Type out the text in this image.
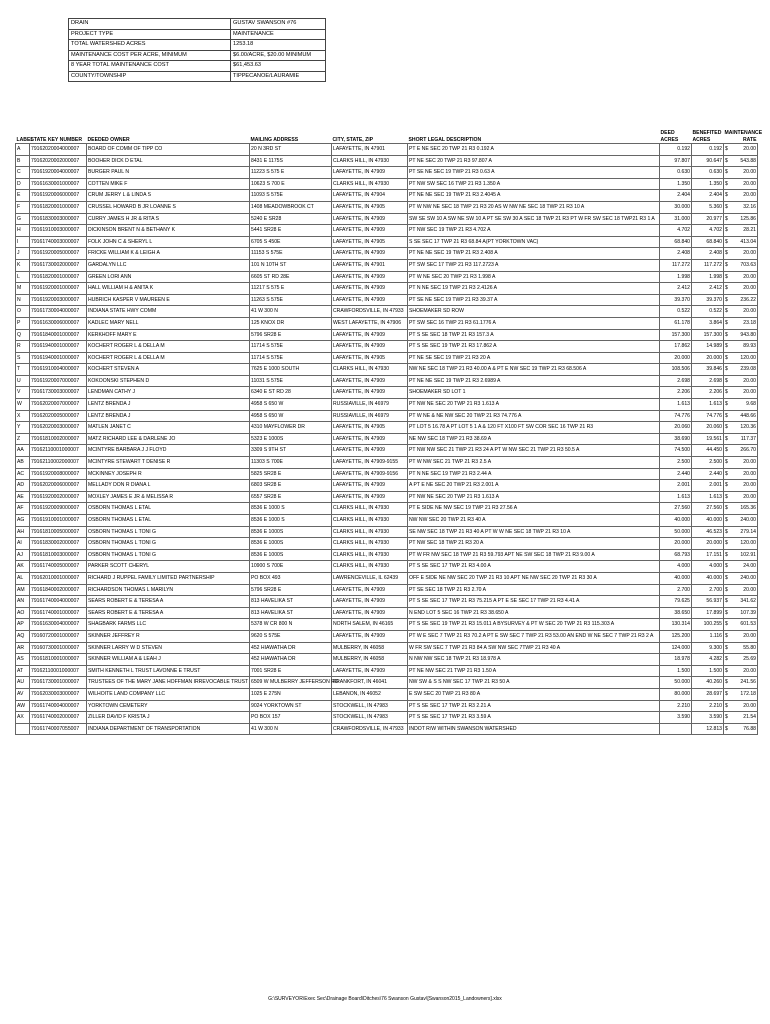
DRAIN	GUSTAV SWANSON #76
PROJECT TYPE	MAINTENANCE
TOTAL WATERSHED ACRES	1253.18
MAINTENANCE COST PER ACRE, MINIMUM	$6.00/ACRE, $20.00 MINIMUM
8 YEAR TOTAL MAINTENANCE COST	$61,453.63
COUNTY/TOWNSHIP	TIPPECANOE/LAURAMIE
LABEL	STATE KEY NUMBER	DEEDED OWNER	MAILING ADDRESS	CITY, STATE, ZIP	SHORT LEGAL DESCRIPTION	DEED ACRES	BENEFITED ACRES	MAINTENANCE RATE
A	79162020004000007	BOARD OF COMM OF TIPP CO	20 N 3RD ST	LAFAYETTE, IN 47901	PT E NE SEC 20 TWP 21 R3 0.192 A	0.192	0.192	$ 20.00

B	79162020002000007	BOOHER DICK D ETAL	8431 E 1175S	CLARKS HILL, IN 47930	PT NE SEC 20 TWP 21 R3 97.807 A	97.807	90.647	$ 543.88

C	79161920004000007	BURGER PAUL N	11223 S 575 E	LAFAYETTE, IN 47909	PT SE NE SEC 19 TWP 21 R3 0.63 A	0.630	0.630	$ 20.00

D	79161630001000007	COTTEN MIKE F	10623 S 700 E	CLARKS HILL, IN 47930	PT NW SW SEC 16 TWP 21 R3 1.350 A	1.350	1.350	$ 20.00

E	79161920006000007	CRUM JERRY L & LINDA S	11093 S 575E	LAFAYETTE, IN 47904	PT NE NE SEC 19 TWP 21 R3 2.4045 A	2.404	2.404	$ 20.00

F	79161820001000007	CRUSSEL HOWARD B JR LOANNE S	1408 MEADOWBROOK CT	LAFAYETTE, IN 47905	PT W NW NE SEC 18 TWP 21 R3 20 AS W NW NE SEC 18 TWP 21 R3 10 A	30.000	5.360	$ 32.16

G	79161830003000007	CURRY JAMES H JR & RITA S	5240 E SR28	LAFAYETTE, IN 47909	SW SE SW 10 A SW NE SW 10 A PT SE SW 30 A SEC 18 TWP 21 R3 PT W FR SW SEC 18 TWP21 R3 1 A	31.000	20.977	$ 125.86

H	79161910003000007	DICKINSON BRENT N & BETHANY K	5441 SR28 E	LAFAYETTE, IN 47909	PT NW SEC 19 TWP 21 R3 4.702 A	4.702	4.702	$ 28.21

I	79161740003000007	FOLK JOHN C & SHERYL L	6705 S 450E	LAFAYETTE, IN 47905	S SE SEC 17 TWP 21 R3 68.84 A(PT YORKTOWN VAC)	68.840	68.840	$ 413.04

J	79161920005000007	FRICKE WILLIAM K & LEIGH A	11153 S 575E	LAFAYETTE, IN 47909	PT NE NE SEC 19 TWP 21 R3 2.408 A	2.408	2.408	$ 20.00

K	79161730002000007	GARDALYN LLC	101 N 10TH ST	LAFAYETTE, IN 47901	PT SW SEC 17 TWP 21 R3 117.2723 A	117.272	117.272	$ 703.63

L	79161820001000007	GREEN LORI ANN	6605 ST RD 28E	LAFAYETTE, IN 47909	PT W NE SEC 20 TWP 21 R3 1.998 A	1.998	1.998	$ 20.00

M	79161920001000007	HALL WILLIAM H & ANITA K	11217 S 575 E	LAFAYETTE, IN 47909	PT N NE SEC 19 TWP 21 R3 2.4126 A	2.412	2.412	$ 20.00

N	79161920003000007	HUBRICH KASPER V MAUREEN E	11263 S 575E	LAFAYETTE, IN 47909	PT SE NE SEC 19 TWP 21 R3 39.37 A	39.370	39.370	$ 236.22

O	79161730004000007	INDIANA STATE HWY COMM	41 W 300 N	CRAWFORDSVILLE, IN 47933	SHOEMAKER SD ROW	0.522	0.522	$ 20.00

P	79161630006000007	KADLEC MARY NELL	125 KNOX DR	WEST LAFAYETTE, IN 47906	PT SW SEC 16 TWP 21 R3 61.1776 A	61.178	3.864	$ 23.18

Q	79161840001000007	KERKHOFF MARY E	5796 SR28 E	LAFAYETTE, IN 47909	PT S SE SEC 18 TWP 21 R3 157.3 A	157.300	157.300	$ 943.80

R	79161940001000007	KOCHERT ROGER L & DELLA M	11714 S 575E	LAFAYETTE, IN 47909	PT S SE SEC 19 TWP 21 R3 17.862 A	17.862	14.989	$ 89.93

S	79161940001000007	KOCHERT ROGER L & DELLA M	11714 S 575E	LAFAYETTE, IN 47905	PT NE SE SEC 19 TWP 21 R3 20 A	20.000	20.000	$ 120.00

T	79161910004000007	KOCHERT STEVEN A	7625 E 1000 SOUTH	CLARKS HILL, IN 47930	NW NE SEC 18 TWP 21 R3 40.00 A & PT E NW SEC 19 TWP 21 R3 68.506 A	108.506	39.846	$ 239.08

U	79161920007000007	KOKOONSKI STEPHEN D	11031 S 575E	LAFAYETTE, IN 47909	PT NE NE SEC 19 TWP 21 R3 2.6989 A	2.698	2.698	$ 20.00

V	79161730003000007	LENDMAN CATHY J	6340 E ST RD 28	LAFAYETTE, IN 47909	SHOEMAKER SD LOT 1	2.206	2.206	$ 20.00

W	79162020007000007	LENTZ BRENDA J	4958 S 650 W	RUSSIAVILLE, IN 46979	PT NW NE SEC 20 TWP 21 R3 1.613 A	1.613	1.613	$ 9.68

X	79162020005000007	LENTZ BRENDA J	4958 S 650 W	RUSSIAVILLE, IN 46979	PT W NE & NE NW SEC 20 TWP 21 R3 74.776 A	74.776	74.776	$ 448.66

Y	79162020003000007	MATLEN JANET C	4310 MAYFLOWER DR	LAFAYETTE, IN 47905	PT LOT 5 16.78 A PT LOT 5 1 A & 120 FT X100 FT SW COR SEC 16 TWP 21 R3	20.060	20.060	$ 120.36

Z	79161810002000007	MATZ RICHARD LEE & DARLENE JO	5323 E 1000S	LAFAYETTE, IN 47909	NE NW SEC 18 TWP 21 R3 38.69 A	38.690	19.561	$ 117.37

AA	79162110001000007	MCINTYRE BARBARA J J FLOYD	3309 S 9TH ST	LAFAYETTE, IN 47909	PT NW NW SEC 21 TWP 21 R3 24 A PT W NW SEC 21 TWP 21 R3 50.5 A	74.500	44.450	$ 266.70

AB	79162110002000007	MCINTYRE STEWART T DENISE R	11303 S 700E	LAFAYETTE, IN 47909-9155	PT W NW SEC 21 TWP 21 R3 2.5 A	2.500	2.500	$ 20.00

AC	79161920008000007	MCKINNEY JOSEPH R	5825 SR28 E	LAFAYETTE, IN 47909-9156	PT N NE SEC 19 TWP 21 R3 2.44 A	2.440	2.440	$ 20.00

AD	79162020006000007	MELLADY DON R DIANA L	6803 SR28 E	LAFAYETTE, IN 47909	A PT E NE SEC 20 TWP 21 R3 2.001 A	2.001	2.001	$ 20.00

AE	79161920002000007	MOXLEY JAMES E JR & MELISSA R	6557 SR28 E	LAFAYETTE, IN 47909	PT NW NE SEC 20 TWP 21 R3 1.613 A	1.613	1.613	$ 20.00

AF	79161920009000007	OSBORN THOMAS L ETAL	8536 E 1000 S	CLARKS HILL, IN 47930	PT E SIDE NE NW SEC 19 TWP 21 R3 27.56 A	27.560	27.560	$ 165.36

AG	79161910001000007	OSBORN THOMAS L ETAL	8536 E 1000 S	CLARKS HILL, IN 47930	NW NW SEC 20 TWP 21 R3 40 A	40.000	40.000	$ 240.00

AH	79161810005000007	OSBORN THOMAS L TONI G	8536 E 1000S	CLARKS HILL, IN 47930	SE NW SEC 18 TWP 21 R3 40 A PT W W NE SEC 18 TWP 21 R3 10 A	50.000	46.523	$ 279.14

AI	79161830002000007	OSBORN THOMAS L TONI G	8536 E 1000S	CLARKS HILL, IN 47930	PT NW SEC 18 TWP 21 R3 20 A	20.000	20.000	$ 120.00

AJ	79161810003000007	OSBORN THOMAS L TONI G	8536 E 1000S	CLARKS HILL, IN 47930	PT W FR NW SEC 18 TWP 21 R3 59.793 APT NE SW SEC 18 TWP 21 R3 9.00 A	68.793	17.151	$ 102.91

AK	79161740005000007	PARKER SCOTT CHERYL	10900 S 700E	CLARKS HILL, IN 47930	PT S SE SEC 17 TWP 21 R3 4.00 A	4.000	4.000	$ 24.00

AL	79162010001000007	RICHARD J RUPPEL FAMILY LIMITED PARTNERSHIP	PO BOX 493	LAWRENCEVILLE, IL 62439	OFF E SIDE NE NW SEC 20 TWP 21 R3 10 APT NE NW SEC 20 TWP 21 R3 30 A	40.000	40.000	$ 240.00

AM	79161840002000007	RICHARDSON THOMAS L MARILYN	5796 SR28 E	LAFAYETTE, IN 47909	PT SE SEC 18 TWP 21 R3 2.70 A	2.700	2.700	$ 20.00

AN	79161740004000007	SEARS ROBERT E & TERESA A	813 HAVELIKA ST	LAFAYETTE, IN 47909	PT S SE SEC 17 TWP 21 R3 75.215 A PT E SE SEC 17 TWP 21 R3 4.41 A	79.625	56.937	$ 341.62

AO	79161740001000007	SEARS ROBERT E & TERESA A	813 HAVELIKA ST	LAFAYETTE, IN 47909	N END LOT 5 SEC 16 TWP 21 R3 38.650 A	38.650	17.899	$ 107.39

AP	79161630004000007	SHAGBARK FARMS LLC	5378 W CR 800 N	NORTH SALEM, IN 46165	PT S SE SEC 19 TWP 21 R3 15.011 A BYSURVEY & PT W SEC 20 TWP 21 R3 115.303 A	130.314	100.255	$ 601.53

AQ	79160720001000007	SKINNER JEFFREY R	9620 S 575E	LAFAYETTE, IN 47909	PT W E SEC 7 TWP 21 R3 70.2 A PT E SW SEC 7 TWP 21 R3 53.00 AN END W NE SEC 7 TWP 21 R3 2 A	125.200	1.116	$ 20.00

AR	79160730001000007	SKINNER LARRY W D STEVEN	452 HIAWATHA DR	MULBERRY, IN 46058	W FR SW SEC 7 TWP 21 R3 84 A SW NW SEC 7TWP 21 R3 40 A	124.000	9.300	$ 55.80

AS	79161810001000007	SKINNER WILLIAM A & LEAH J	452 HIAWATHA DR	MULBERRY, IN 46058	N NW NW SEC 18 TWP 21 R3 18.978 A	18.978	4.282	$ 25.69

AT	79162110001000007	SMITH KENNETH L TRUST LAVONNE E TRUST	7001 SR28 E	LAFAYETTE, IN 47909	PT NE NW SEC 21 TWP 21 R3 1.50 A	1.500	1.500	$ 20.00

AU	79161730001000007	TRUSTEES OF THE MARY JANE HOFFMAN IRREVOCABLE TRUST	6509 W MULBERRY JEFFERSON RD	FRANKFORT, IN 46041	NW SW & S S NW SEC 17 TWP 21 R3 50 A	50.000	40.260	$ 241.56

AV	79162030003000007	WILHOITE LAND COMPANY LLC	1025 E 275N	LEBANON, IN 46052	E SW SEC 20 TWP 21 R3 80 A	80.000	28.697	$ 172.18

AW	79161740004000007	YORKTOWN CEMETERY	9024 YORKTOWN ST	STOCKWELL, IN 47983	PT S SE SEC 17 TWP 21 R3 2.21 A	2.210	2.210	$ 20.00

AX	79161740002000007	ZILLER DAVID F KRISTA J	PO BOX 157	STOCKWELL, IN 47983	PT S SE SEC 17 TWP 21 R3 3.59 A	3.590	3.590	$ 21.54

	79161740007055007	INDIANA DEPARTMENT OF TRANSPORTATION	41 W 300 N	CRAWFORDSVILLE, IN 47933	INDOT R/W WITHIN SWANSON WATERSHED		12.813	$ 76.88
G:\SURVEYOR\Exec Sec\Drainage Board\Ditches\76 Swanson Gustav\[Swanson2015_Landowners].xlsx
